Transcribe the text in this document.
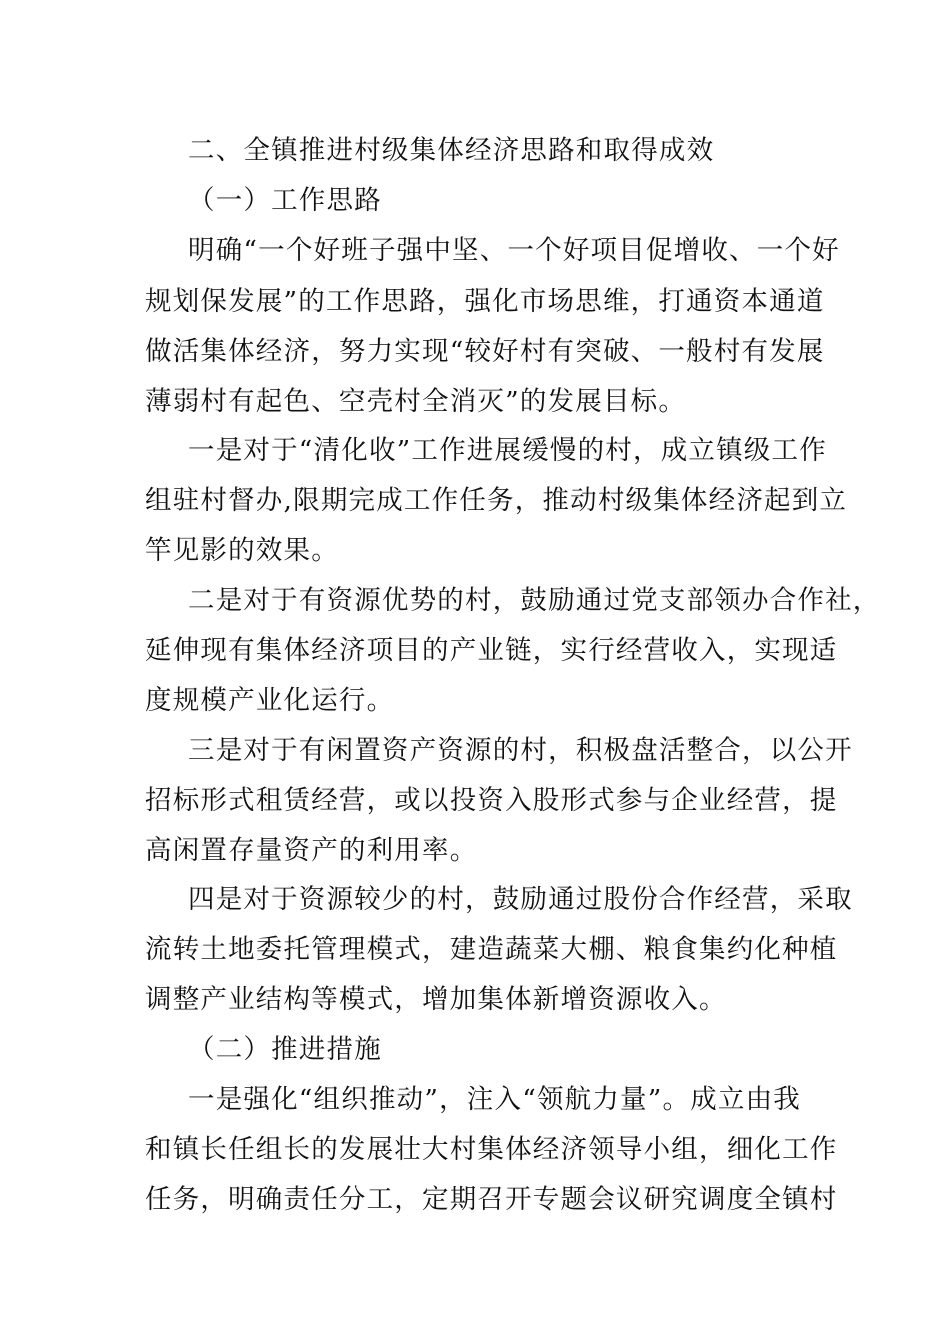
二、全镇推进村级集体经济思路和取得成效
（一）工作思路
明确“一个好班子强中坚、一个好项目促增收、一个好
规划保发展”的工作思路，强化市场思维，打通资本通道
做活集体经济，努力实现“较好村有突破、一般村有发展
薄弱村有起色、空壳村全消灭”的发展目标。
一是对于“清化收”工作进展缓慢的村，成立镇级工作
组驻村督办,限期完成工作任务，推动村级集体经济起到立
竿见影的效果。
二是对于有资源优势的村，鼓励通过党支部领办合作社，
延伸现有集体经济项目的产业链，实行经营收入，实现适
度规模产业化运行。
三是对于有闲置资产资源的村，积极盘活整合，以公开
招标形式租赁经营，或以投资入股形式参与企业经营，提
高闲置存量资产的利用率。
四是对于资源较少的村，鼓励通过股份合作经营，采取
流转土地委托管理模式，建造蔬菜大棚、粮食集约化种植
调整产业结构等模式，增加集体新增资源收入。
（二）推进措施
一是强化“组织推动”，注入“领航力量”。成立由我
和镇长任组长的发展壮大村集体经济领导小组，细化工作
任务，明确责任分工，定期召开专题会议研究调度全镇村
